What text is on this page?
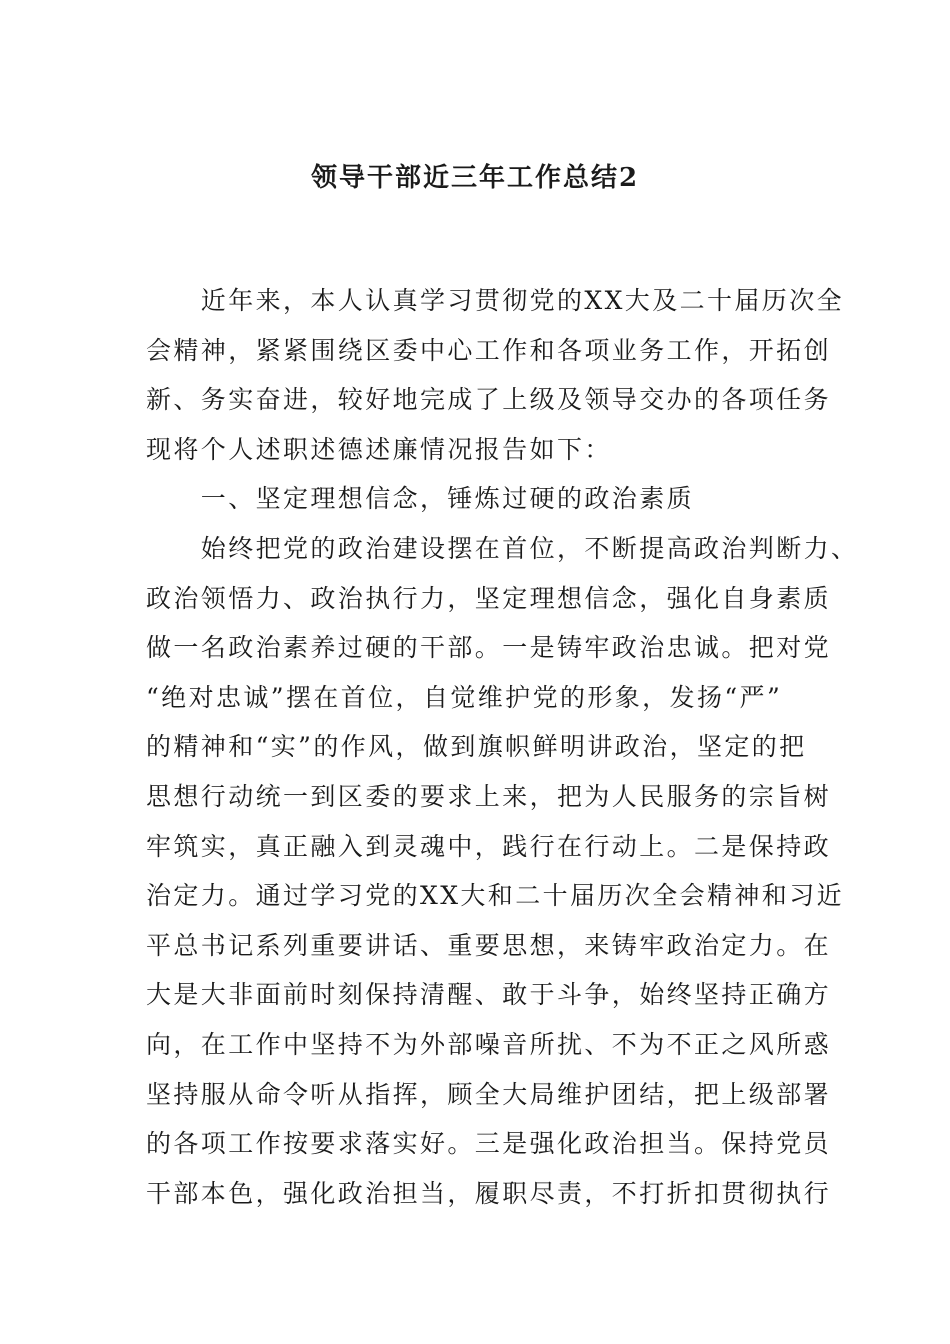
领导干部近三年工作总结2
　　近年来，本人认真学习贯彻党的XX大及二十届历次全
会精神，紧紧围绕区委中心工作和各项业务工作，开拓创
新、务实奋进，较好地完成了上级及领导交办的各项任务
现将个人述职述德述廉情况报告如下：
　　一、坚定理想信念，锤炼过硬的政治素质
　　始终把党的政治建设摆在首位，不断提高政治判断力、
政治领悟力、政治执行力，坚定理想信念，强化自身素质
做一名政治素养过硬的干部。一是铸牢政治忠诚。把对党
“绝对忠诚”摆在首位，自觉维护党的形象，发扬“严”
的精神和“实”的作风，做到旗帜鲜明讲政治，坚定的把
思想行动统一到区委的要求上来，把为人民服务的宗旨树
牢筑实，真正融入到灵魂中，践行在行动上。二是保持政
治定力。通过学习党的XX大和二十届历次全会精神和习近
平总书记系列重要讲话、重要思想，来铸牢政治定力。在
大是大非面前时刻保持清醒、敢于斗争，始终坚持正确方
向，在工作中坚持不为外部噪音所扰、不为不正之风所惑
坚持服从命令听从指挥，顾全大局维护团结，把上级部署
的各项工作按要求落实好。三是强化政治担当。保持党员
干部本色，强化政治担当，履职尽责，不打折扣贯彻执行
